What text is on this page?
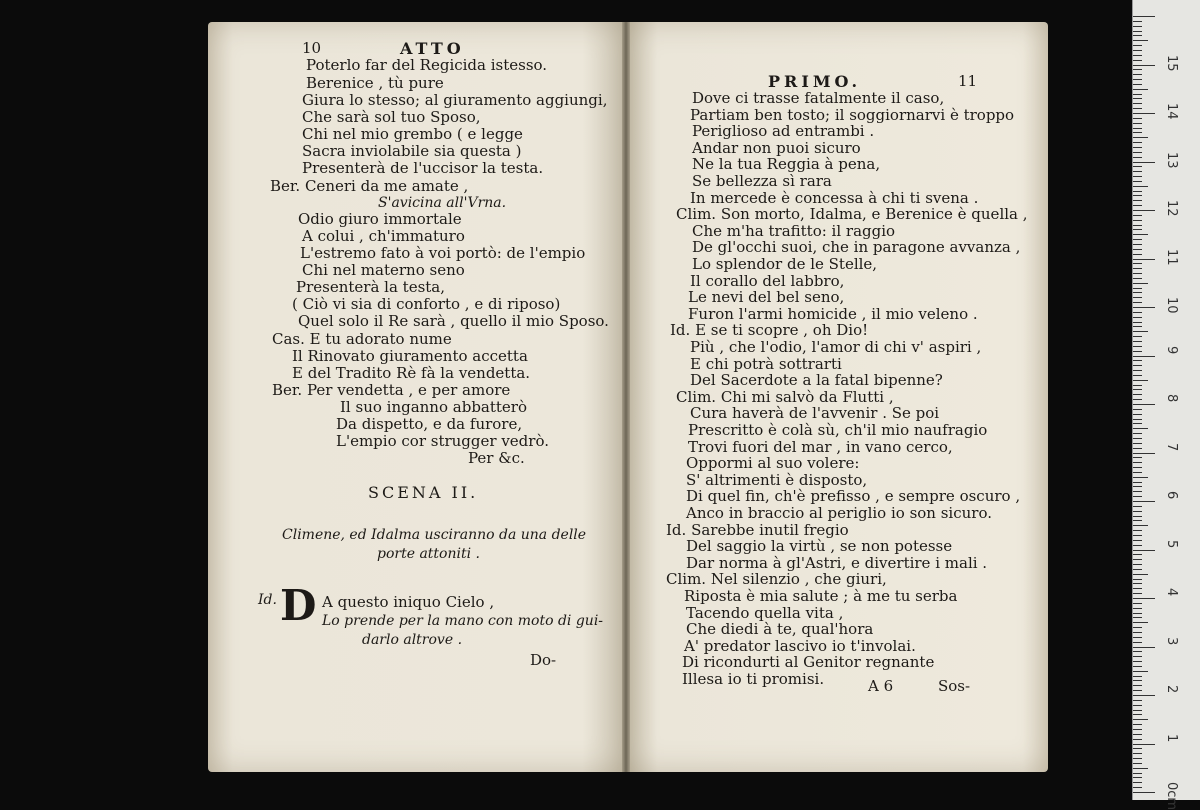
10	ATTO
Poterlo far del Regicida istesso.
Berenice , tù pure
Giura lo stesso; al giuramento aggiungi,
Che sarà sol tuo Sposo,
Chi nel mio grembo ( e legge
Sacra inviolabile sia questa )
Presenterà de l'uccisor la testa.
Ber. Ceneri da me amate ,
S'avicina all'Vrna.
Odio giuro immortale
A colui , ch'immaturo
L'estremo fato à voi portò: de l'empio
Chi nel materno seno
Presenterà la testa,
( Ciò vi sia di conforto , e di riposo)
Quel solo il Re sarà , quello il mio Sposo.
Cas. E tu adorato nume
Il Rinovato giuramento accetta
E del Tradito Rè fà la vendetta.
Ber. Per vendetta , e per amore
Il suo inganno abbatterò
Da dispetto, e da furore,
L'empio cor strugger vedrò.
Per &c.
SCENA II.
Climene, ed Idalma usciranno da una delle
porte attoniti .
Id. D A questo iniquo Cielo ,
Lo prende per la mano con moto di gui-
darlo altrove .
Do-
PRIMO.	11
Dove ci trasse fatalmente il caso,
Partiam ben tosto; il soggiornarvi è troppo
Periglioso ad entrambi .
Andar non puoi sicuro
Ne la tua Reggia à pena,
Se bellezza sì rara
In mercede è concessa à chi ti svena .
Clim. Son morto, Idalma, e Berenice è quella ,
Che m'ha trafitto: il raggio
De gl'occhi suoi, che in paragone avvanza ,
Lo splendor de le Stelle,
Il corallo del labbro,
Le nevi del bel seno,
Furon l'armi homicide , il mio veleno .
Id. E se ti scopre , oh Dio!
Più , che l'odio, l'amor di chi v' aspiri ,
E chi potrà sottrarti
Del Sacerdote a la fatal bipenne?
Clim. Chi mi salvò da Flutti ,
Cura haverà de l'avvenir . Se poi
Prescritto è colà sù, ch'il mio naufragio
Trovi fuori del mar , in vano cerco,
Oppormi al suo volere:
S' altrimenti è disposto,
Di quel fin, ch'è prefisso , e sempre oscuro ,
Anco in braccio al periglio io son sicuro.
Id. Sarebbe inutil fregio
Del saggio la virtù , se non potesse
Dar norma à gl'Astri, e divertire i mali .
Clim. Nel silenzio , che giuri,
Riposta è mia salute ; à me tu serba
Tacendo quella vita ,
Che diedi à te, qual'hora
A' predator lascivo io t'involai.
Di ricondurti al Genitor regnante
Illesa io ti promisi.	A 6	Sos-
0cm
1
2
3
4
5
6
7
8
9
10
11
12
13
14
15
